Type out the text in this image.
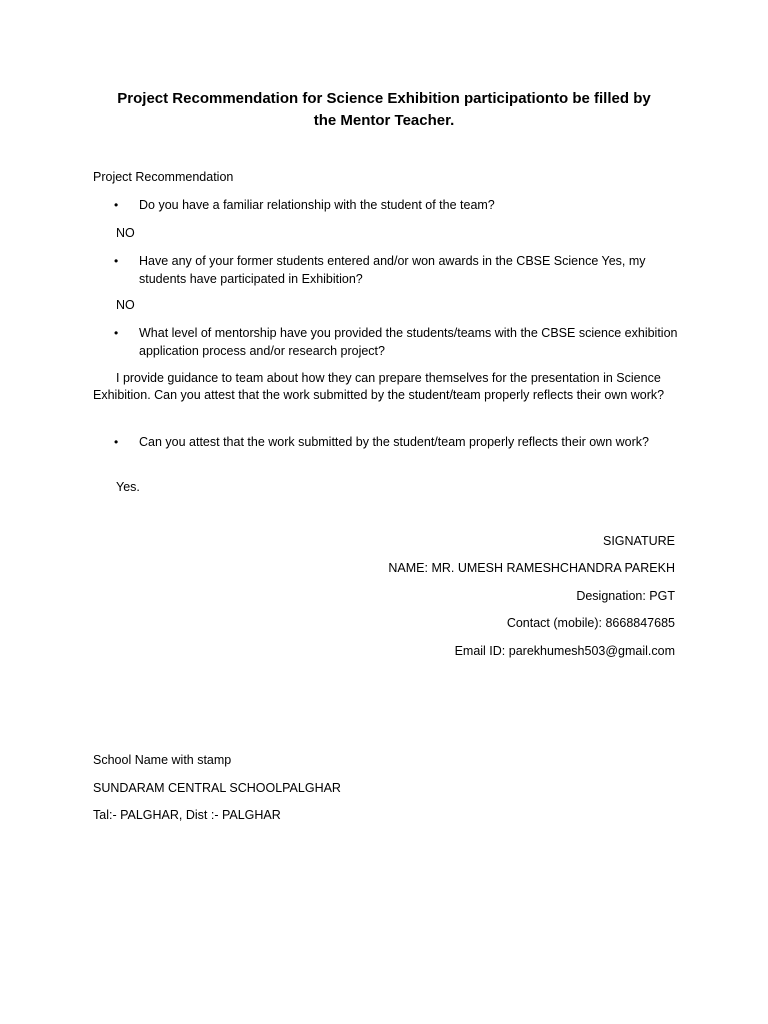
Project Recommendation for Science Exhibition participationto be filled by
the Mentor Teacher.
Project Recommendation
• Do you have a familiar relationship with the student of the team?
NO
• Have any of your former students entered and/or won awards in the CBSE Science Yes, my students have participated in Exhibition?
NO
• What level of mentorship have you provided the students/teams with the CBSE science exhibition application process and/or research project?
I provide guidance to team about how they can prepare themselves for the presentation in Science Exhibition. Can you attest that the work submitted by the student/team properly reflects their own work?
• Can you attest that the work submitted by the student/team properly reflects their own work?
Yes.
SIGNATURE
NAME: MR. UMESH RAMESHCHANDRA PAREKH
Designation: PGT
Contact (mobile): 8668847685
Email ID: parekhumesh503@gmail.com
School Name with stamp
SUNDARAM CENTRAL SCHOOLPALGHAR
Tal:- PALGHAR, Dist :- PALGHAR
